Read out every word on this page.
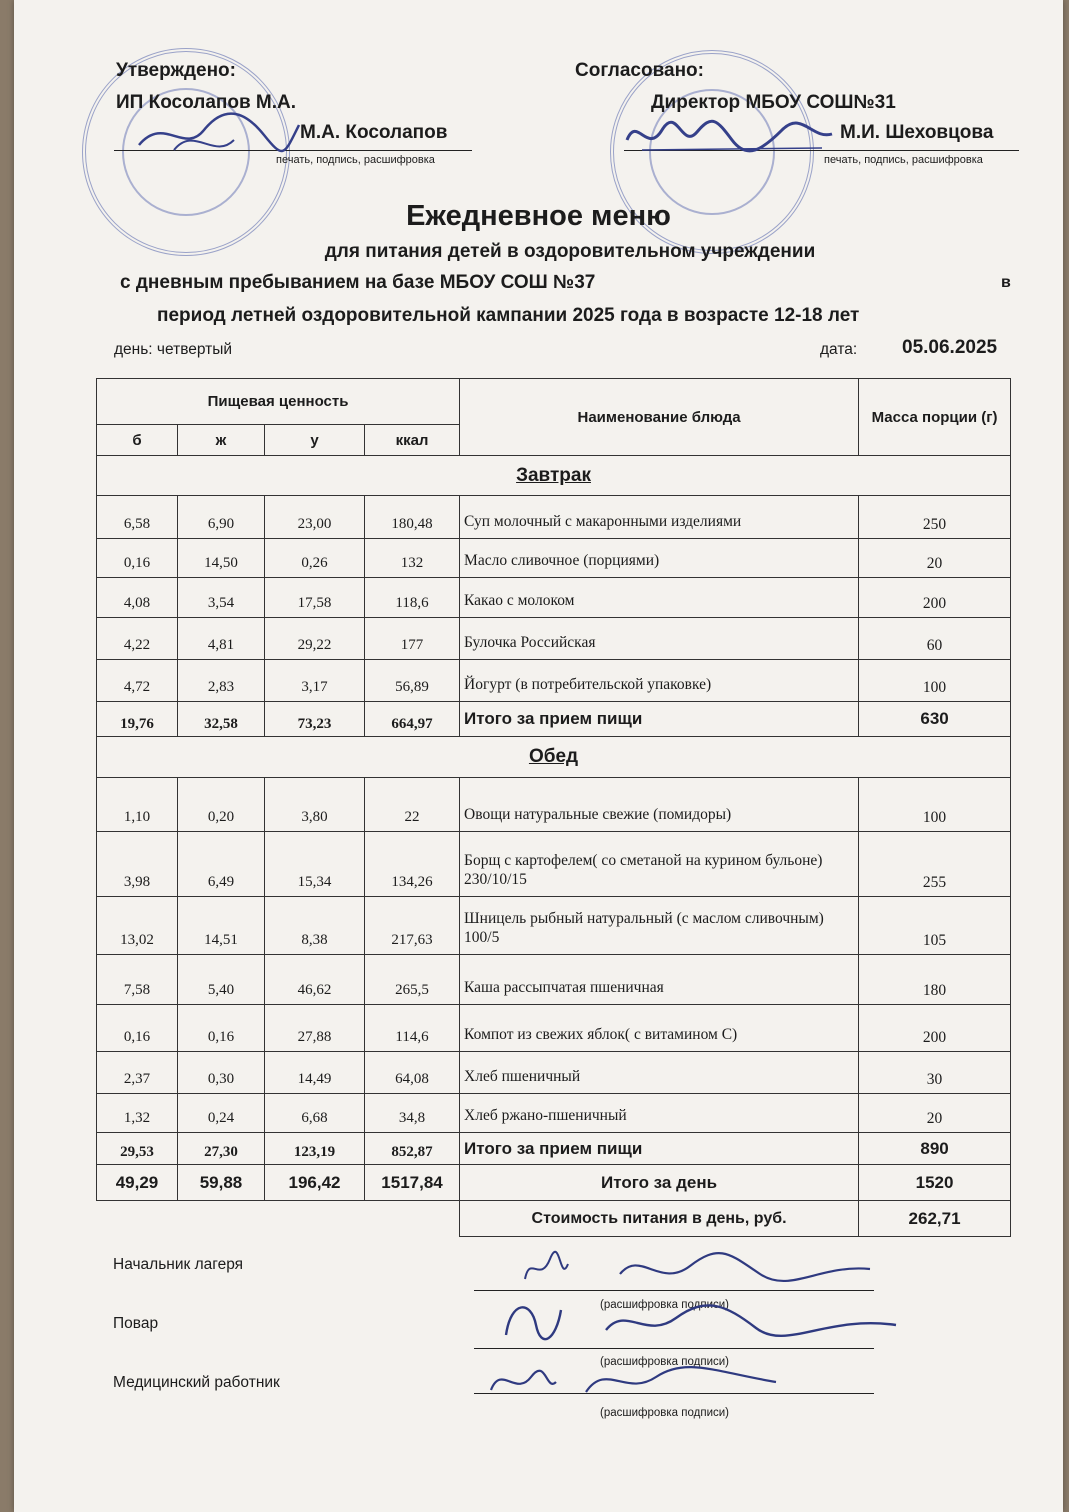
Утверждено:
ИП Косолапов М.А.
М.А. Косолапов
печать, подпись, расшифровка
Согласовано:
Директор МБОУ СОШ№31
М.И. Шеховцова
печать, подпись, расшифровка
Ежедневное меню
для питания детей в оздоровительном учреждении
с дневным пребыванием на базе МБОУ СОШ №37	в
период летней оздоровительной кампании 2025 года в возрасте 12-18 лет
день: четвертый	дата: 05.06.2025
Пищевая ценность				Наименование блюда	Масса порции (г)
б	ж	у	ккал		
Завтрак					
6,58	6,90	23,00	180,48	Суп молочный с макаронными изделиями	250
0,16	14,50	0,26	132	Масло сливочное (порциями)	20
4,08	3,54	17,58	118,6	Какао с молоком	200
4,22	4,81	29,22	177	Булочка Российская	60
4,72	2,83	3,17	56,89	Йогурт (в потребительской упаковке)	100
19,76	32,58	73,23	664,97	Итого за прием пищи	630
Обед					
1,10	0,20	3,80	22	Овощи натуральные свежие (помидоры)	100
3,98	6,49	15,34	134,26	Борщ с картофелем( со сметаной на курином бульоне) 230/10/15	255
13,02	14,51	8,38	217,63	Шницель рыбный натуральный (с маслом сливочным) 100/5	105
7,58	5,40	46,62	265,5	Каша рассыпчатая пшеничная	180
0,16	0,16	27,88	114,6	Компот из свежих яблок( с витамином С)	200
2,37	0,30	14,49	64,08	Хлеб пшеничный	30
1,32	0,24	6,68	34,8	Хлеб ржано-пшеничный	20
29,53	27,30	123,19	852,87	Итого за прием пищи	890
49,29	59,88	196,42	1517,84	Итого за день	1520
				Стоимость питания в день, руб.	262,71
Начальник лагеря
(расшифровка подписи)
Повар
(расшифровка подписи)
Медицинский работник
(расшифровка подписи)
